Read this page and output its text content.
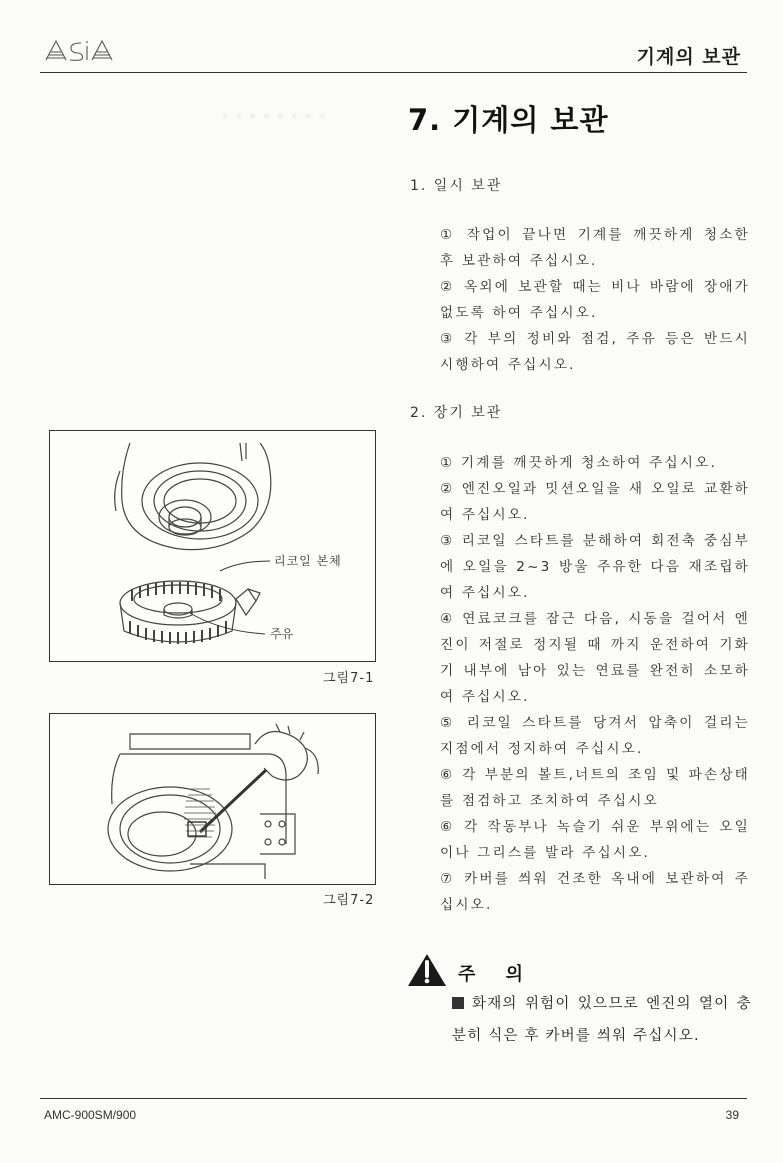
기계의 보관
········	7. 기계의 보관
1. 일시 보관

① 작업이 끝나면 기계를 깨끗하게 청소한 후 보관하여 주십시오.

② 옥외에 보관할 때는 비나 바람에 장애가 없도록 하여 주십시오.

③ 각 부의 정비와 점검, 주유 등은 반드시 시행하여 주십시오.

2. 장기 보관

① 기계를 깨끗하게 청소하여 주십시오.

② 엔진오일과 밋션오일을 새 오일로 교환하여 주십시오.

③ 리코일 스타트를 분해하여 회전축 중심부에 오일을 2~3 방울 주유한 다음 재조립하여 주십시오.

④ 연료코크를 잠근 다음, 시동을 걸어서 엔진이 저절로 정지될 때 까지 운전하여 기화기 내부에 남아 있는 연료를 완전히 소모하여 주십시오.

⑤ 리코일 스타트를 당겨서 압축이 걸리는 지점에서 정지하여 주십시오.

⑥ 각 부분의 볼트,너트의 조임 및 파손상태를 점검하고 조치하여 주십시오

⑥ 각 작동부나 녹슬기 쉬운 부위에는 오일이나 그리스를 발라 주십시오.

⑦ 카버를 씌워 건조한 옥내에 보관하여 주십시오.

리코일 본체
주유
그림7-1
그림7-2
주 의
화재의 위험이 있으므로 엔진의 열이 충분히 식은 후 카버를 씌워 주십시오.
AMC-900SM/900	39
